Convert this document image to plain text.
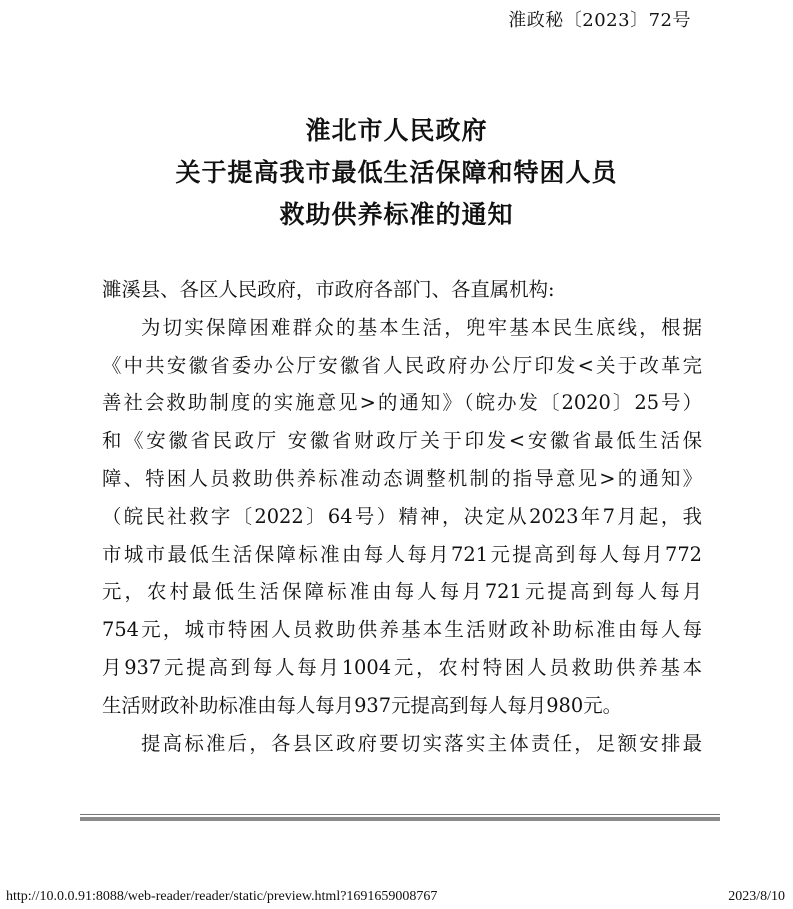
淮政秘〔2023〕72号
淮北市人民政府
关于提高我市最低生活保障和特困人员
救助供养标准的通知
濉溪县、各区人民政府，市政府各部门、各直属机构:
为切实保障困难群众的基本生活，兜牢基本民生底线，根据
《中共安徽省委办公厅安徽省人民政府办公厅印发<关于改革完
善社会救助制度的实施意见>的通知》（皖办发〔2020〕25号）
和《安徽省民政厅 安徽省财政厅关于印发<安徽省最低生活保
障、特困人员救助供养标准动态调整机制的指导意见>的通知》
（皖民社救字〔2022〕64号）精神，决定从2023年7月起，我
市城市最低生活保障标准由每人每月721元提高到每人每月772
元，农村最低生活保障标准由每人每月721元提高到每人每月
754元，城市特困人员救助供养基本生活财政补助标准由每人每
月937元提高到每人每月1004元，农村特困人员救助供养基本
生活财政补助标准由每人每月937元提高到每人每月980元。
提高标准后，各县区政府要切实落实主体责任，足额安排最
http://10.0.0.91:8088/web-reader/reader/static/preview.html?1691659008767	2023/8/10
